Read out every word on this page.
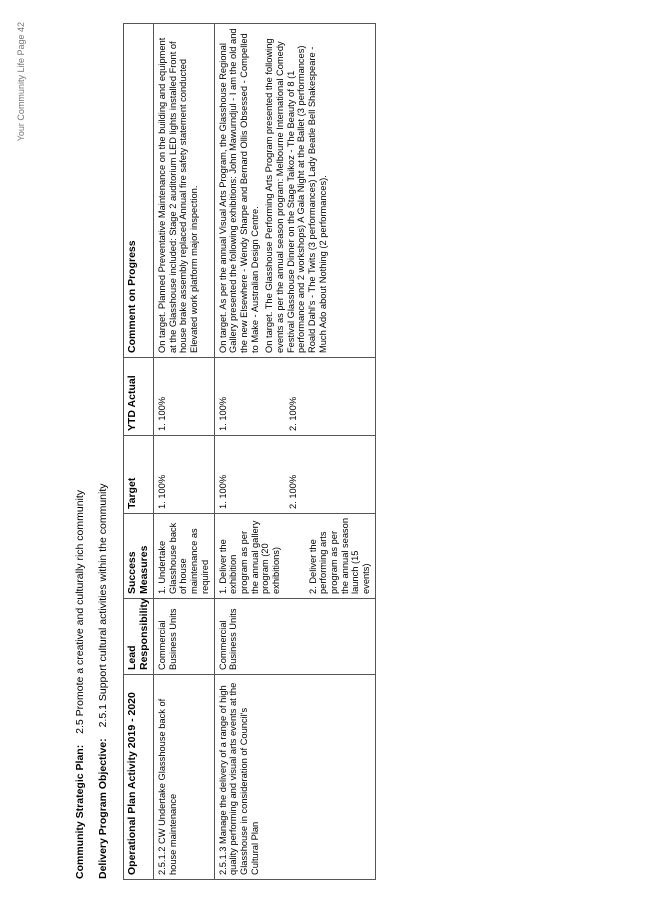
Community Strategic Plan: 2.5 Promote a creative and culturally rich community
Delivery Program Objective: 2.5.1 Support cultural activities within the community
Operational Plan Activity 2019 - 2020	Lead Responsibility	Success Measures	Target	YTD Actual	Comment on Progress
2.5.1.2 CW Undertake Glasshouse back of house maintenance	Commercial Business Units	1. Undertake Glasshouse back of house maintenance as required	1. 100%	1. 100%	On target. Planned Preventative Maintenance on the building and equipment at the Glasshouse included: Stage 2 auditorium LED lights installed Front of house brake assembly replaced Annual fire safety statement conducted Elevated work platform major inspection.

2.5.1.3 Manage the delivery of a range of high quality performing and visual arts events at the Glasshouse in consideration of Council's Cultural Plan	Commercial Business Units	1. Deliver the exhibition program as per the annual gallery program (20 exhibitions) 2. Deliver the performing arts program as per the annual season launch (15 events)	1. 100% 2. 100%	1. 100% 2. 100%	On target. As per the annual Visual Arts Program, the Glasshouse Regional Gallery presented the following exhibitions: John Mawurndjul - I am the old and the new Elsewhere - Wendy Sharpe and Bernard Ollis Obsessed - Compelled to Make - Australian Design Centre. On target. The Glasshouse Performing Arts Program presented the following events as per the annual season program: Melbourne International Comedy Festival Glasshouse Dinner on the Stage Taikoz - The Beauty of 8 (1 performance and 2 workshops) A Gala Night at the Ballet (3 performances) Roald Dahl's - The Twits (3 performances) Lady Beatle Bell Shakespeare - Much Ado about Nothing (2 performances).
Your Community Life Page 42
